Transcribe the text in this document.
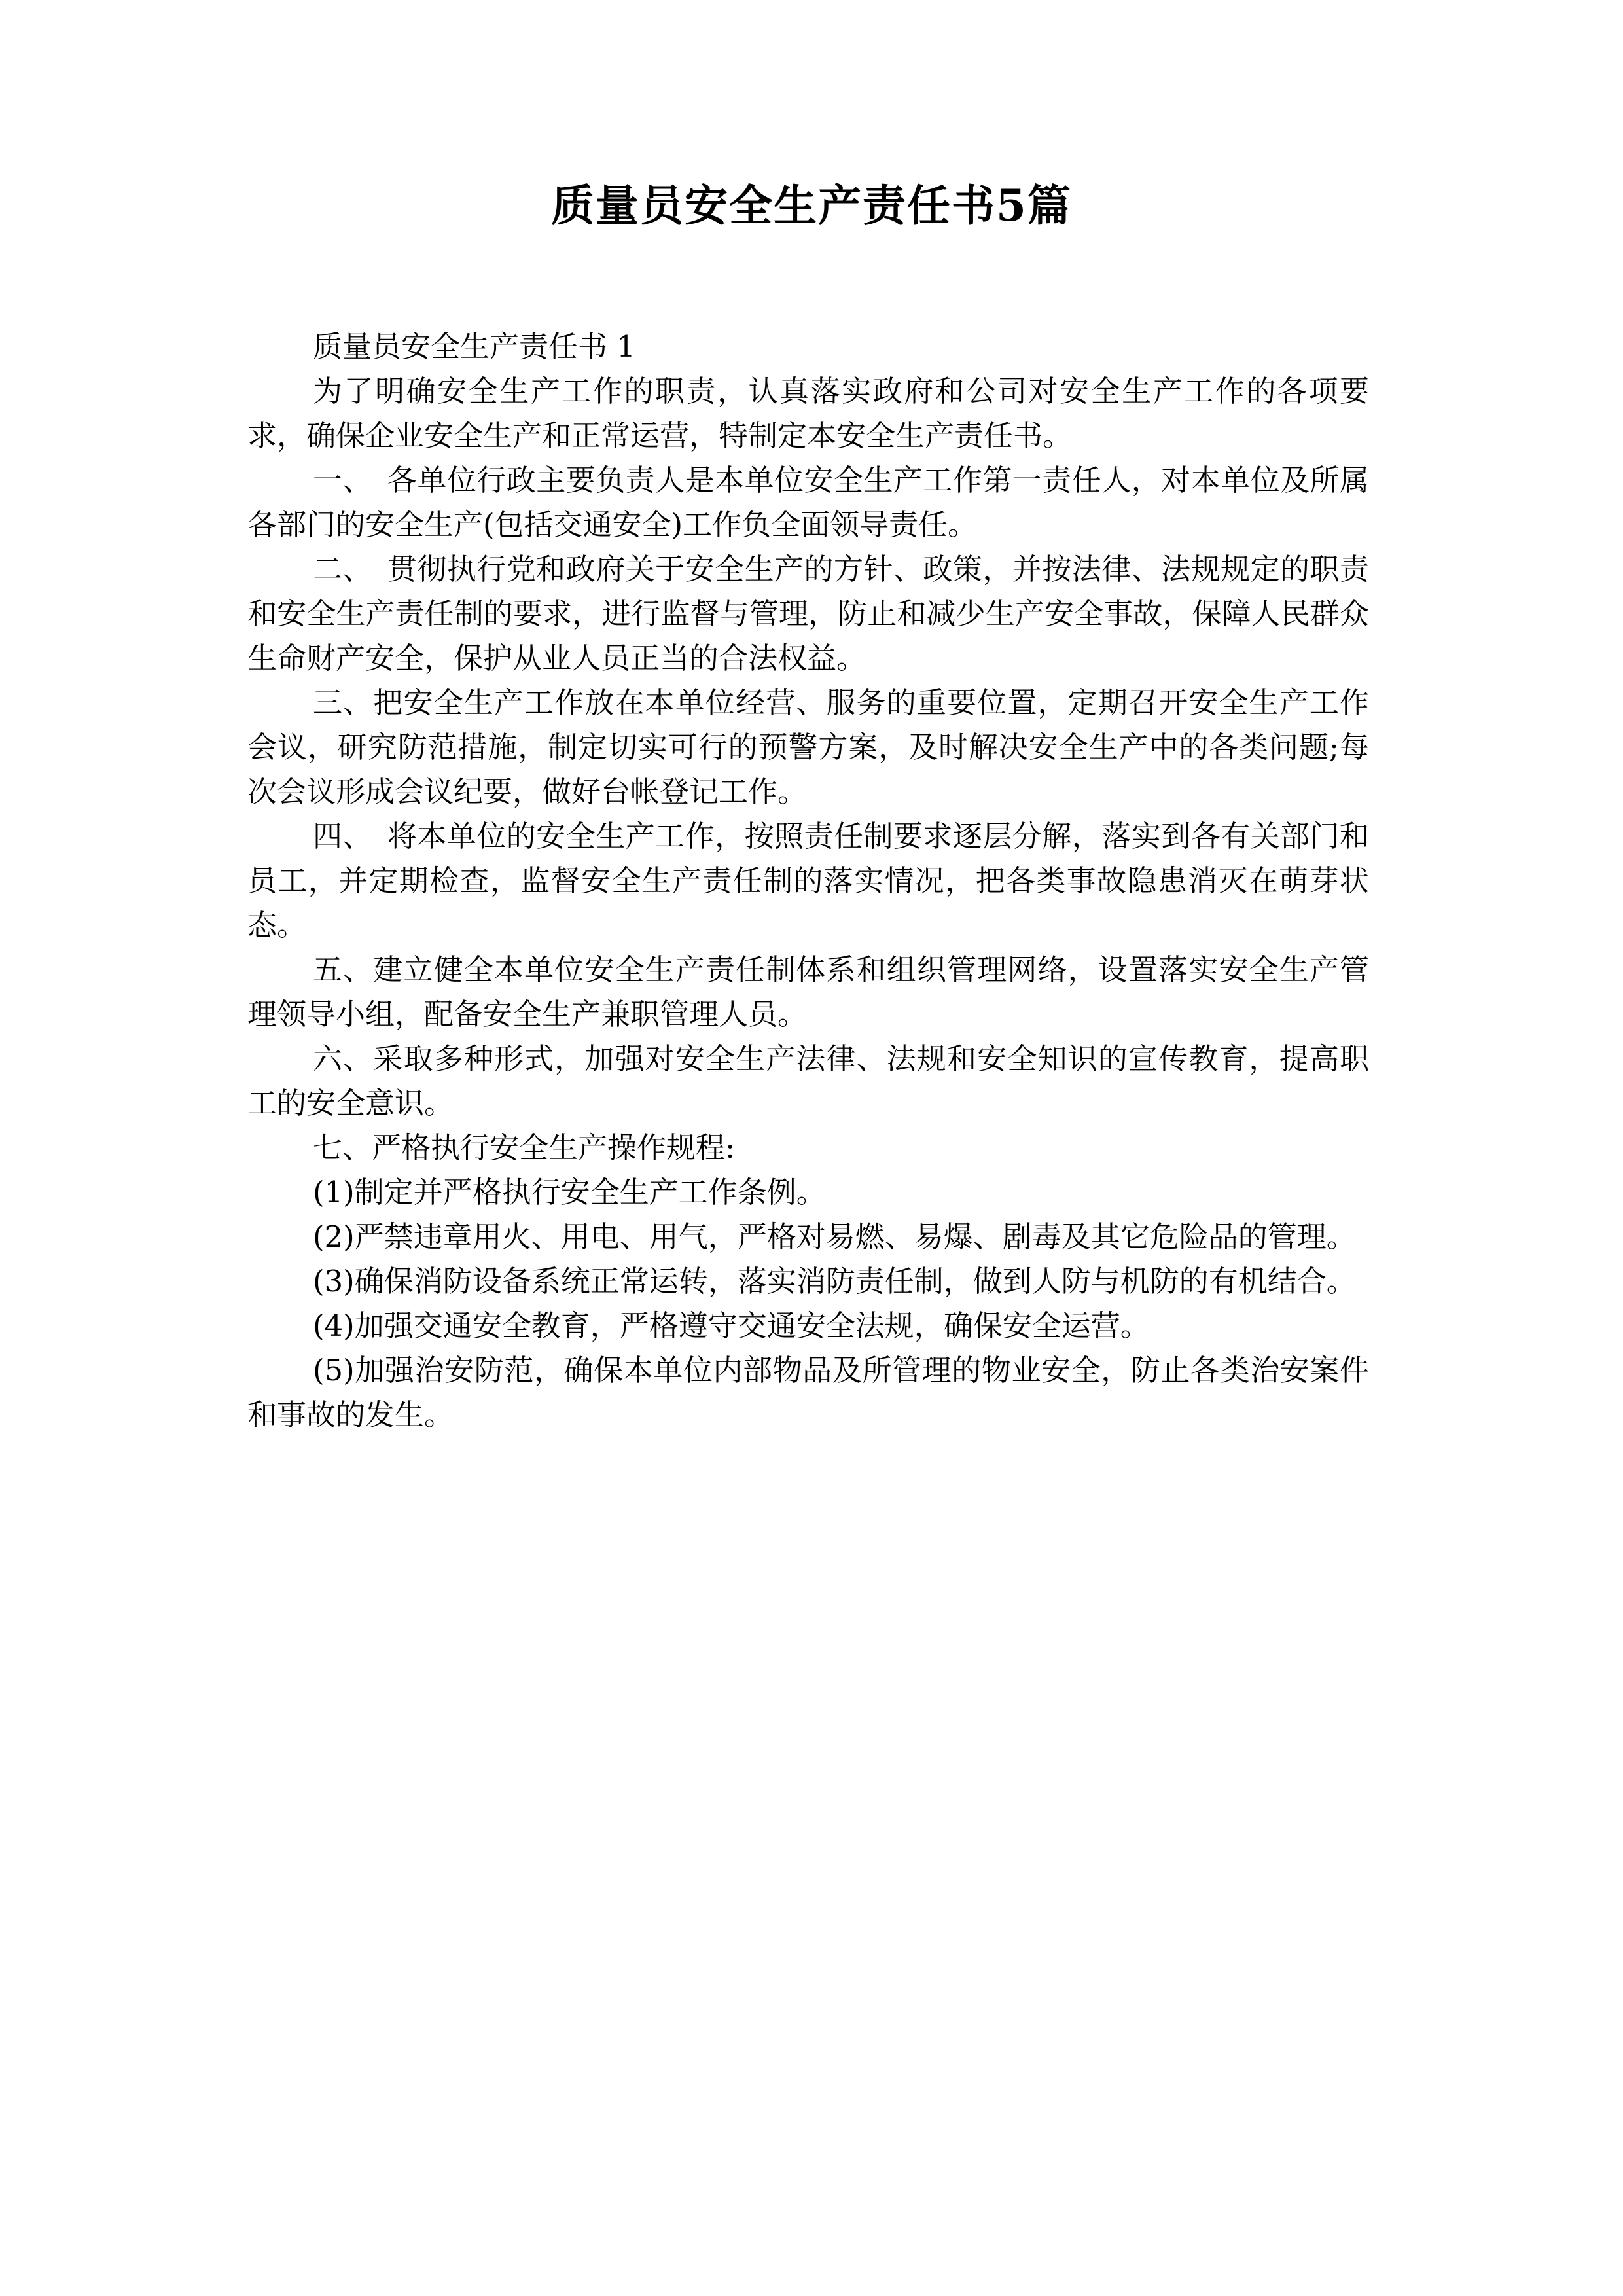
质量员安全生产责任书5篇

质量员安全生产责任书 1

为了明确安全生产工作的职责，认真落实政府和公司对安全生产工作的各项要求，确保企业安全生产和正常运营，特制定本安全生产责任书。

一、　各单位行政主要负责人是本单位安全生产工作第一责任人，对本单位及所属各部门的安全生产(包括交通安全)工作负全面领导责任。

二、　贯彻执行党和政府关于安全生产的方针、政策，并按法律、法规规定的职责和安全生产责任制的要求，进行监督与管理，防止和减少生产安全事故，保障人民群众生命财产安全，保护从业人员正当的合法权益。

三、把安全生产工作放在本单位经营、服务的重要位置，定期召开安全生产工作会议，研究防范措施，制定切实可行的预警方案，及时解决安全生产中的各类问题;每次会议形成会议纪要，做好台帐登记工作。

四、　将本单位的安全生产工作，按照责任制要求逐层分解，落实到各有关部门和员工，并定期检查，监督安全生产责任制的落实情况，把各类事故隐患消灭在萌芽状态。

五、建立健全本单位安全生产责任制体系和组织管理网络，设置落实安全生产管理领导小组，配备安全生产兼职管理人员。

六、采取多种形式，加强对安全生产法律、法规和安全知识的宣传教育，提高职工的安全意识。

七、严格执行安全生产操作规程:

(1)制定并严格执行安全生产工作条例。

(2)严禁违章用火、用电、用气，严格对易燃、易爆、剧毒及其它危险品的管理。

(3)确保消防设备系统正常运转，落实消防责任制，做到人防与机防的有机结合。

(4)加强交通安全教育，严格遵守交通安全法规，确保安全运营。

(5)加强治安防范，确保本单位内部物品及所管理的物业安全，防止各类治安案件和事故的发生。
